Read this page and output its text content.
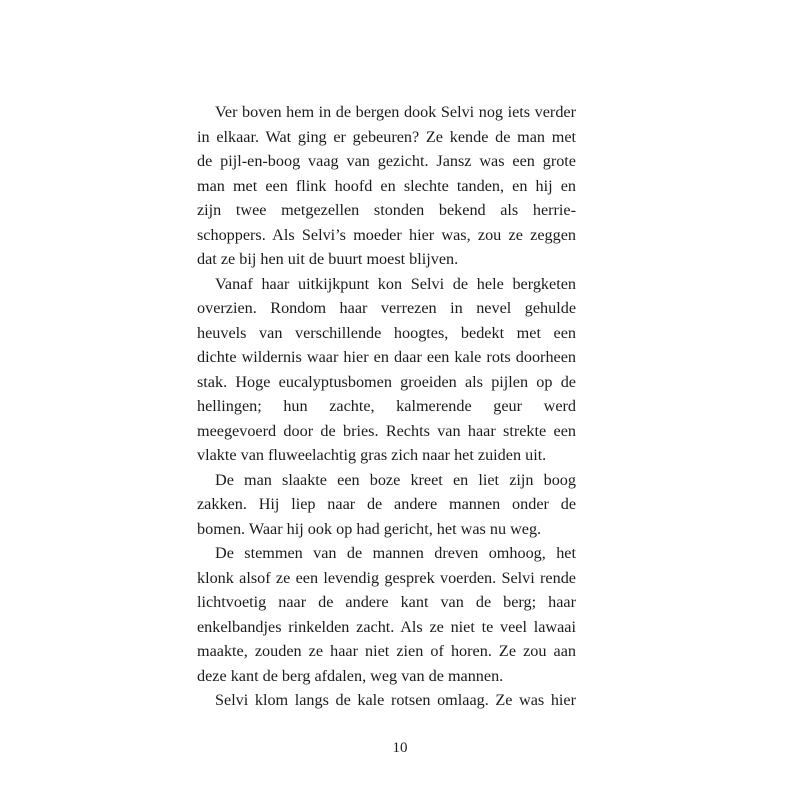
Ver boven hem in de bergen dook Selvi nog iets verder
in elkaar. Wat ging er gebeuren? Ze kende de man met
de pijl-en-boog vaag van gezicht. Jansz was een grote
man met een flink hoofd en slechte tanden, en hij en
zijn twee metgezellen stonden bekend als herrie-
schoppers. Als Selvi’s moeder hier was, zou ze zeggen
dat ze bij hen uit de buurt moest blijven.
Vanaf haar uitkijkpunt kon Selvi de hele bergketen
overzien. Rondom haar verrezen in nevel gehulde
heuvels van verschillende hoogtes, bedekt met een
dichte wildernis waar hier en daar een kale rots doorheen
stak. Hoge eucalyptusbomen groeiden als pijlen op de
hellingen; hun zachte, kalmerende geur werd
meegevoerd door de bries. Rechts van haar strekte een
vlakte van fluweelachtig gras zich naar het zuiden uit.
De man slaakte een boze kreet en liet zijn boog
zakken. Hij liep naar de andere mannen onder de
bomen. Waar hij ook op had gericht, het was nu weg.
De stemmen van de mannen dreven omhoog, het
klonk alsof ze een levendig gesprek voerden. Selvi rende
lichtvoetig naar de andere kant van de berg; haar
enkelbandjes rinkelden zacht. Als ze niet te veel lawaai
maakte, zouden ze haar niet zien of horen. Ze zou aan
deze kant de berg afdalen, weg van de mannen.
Selvi klom langs de kale rotsen omlaag. Ze was hier
10
